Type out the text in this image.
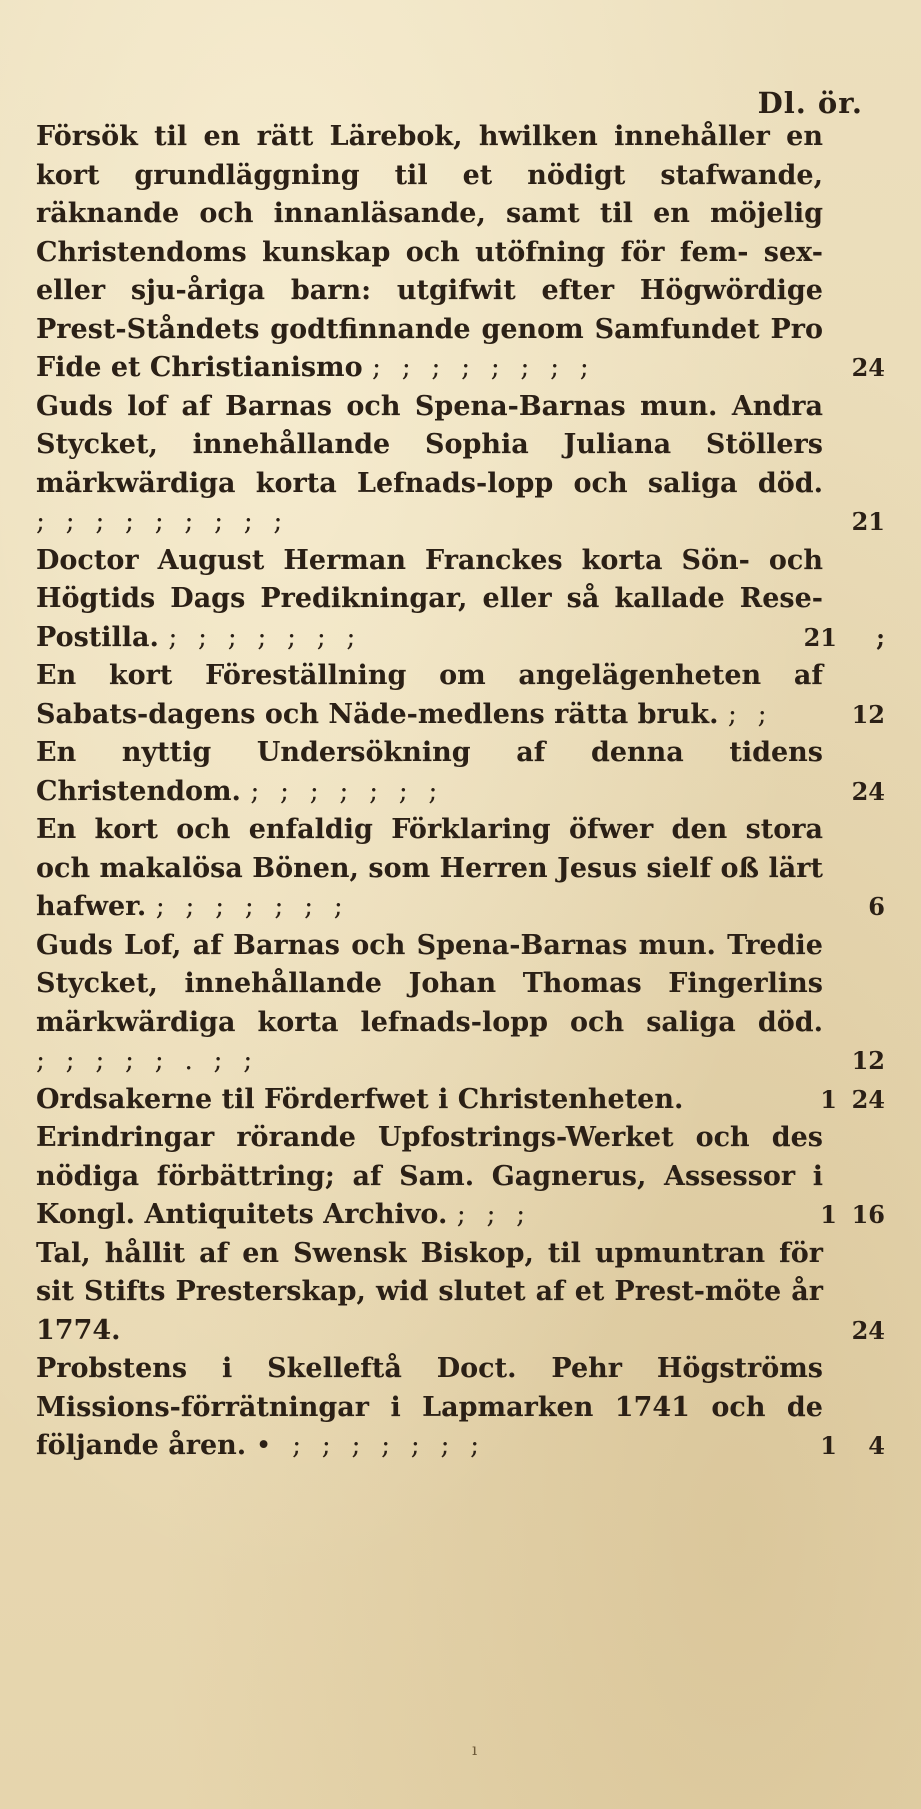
Dl. ör.
Försök til en rätt Lärebok, hwilken innehåller en kort grundläggning til et nödigt stafwande, räknande och innanläsande, samt til en möjelig Christendoms kunskap och utöfning för fem- sex- eller sju-åriga barn: utgifwit efter Högwördige Prest-Ståndets godtfinnande genom Samfundet Pro Fide et Christianismo ; ; ; ; ; ; ; ;	24
Guds lof af Barnas och Spena-Barnas mun. Andra Stycket, innehållande Sophia Juliana Stöllers märkwärdiga korta Lefnads-lopp och saliga död. ; ; ; ; ; ; ; ; ;	21
Doctor August Herman Franckes korta Sön- och Högtids Dags Predikningar, eller så kallade Rese-Postilla. ; ; ; ; ; ; ;	21	;
En kort Föreställning om angelägenheten af Sabats-dagens och Näde-medlens rätta bruk. ; ;	12
En nyttig Undersökning af denna tidens Christendom. ; ; ; ; ; ; ;	24
En kort och enfaldig Förklaring öfwer den stora och makalösa Bönen, som Herren Jesus sielf oß lärt hafwer. ; ; ; ; ; ; ;	6
Guds Lof, af Barnas och Spena-Barnas mun. Tredie Stycket, innehållande Johan Thomas Fingerlins märkwärdiga korta lefnads-lopp och saliga död. ; ; ; ; ; . ; ;	12
Ordsakerne til Förderfwet i Christenheten.	1 24
Erindringar rörande Upfostrings-Werket och des nödiga förbättring; af Sam. Gagnerus, Assessor i Kongl. Antiquitets Archivo. ; ; ;	1 16
Tal, hållit af en Swensk Biskop, til upmuntran för sit Stifts Presterskap, wid slutet af et Prest-möte år 1774.	24
Probstens i Skelleftå Doct. Pehr Högströms Missions-förrätningar i Lapmarken 1741 och de följande åren. • ; ; ; ; ; ; ;	1	4
ı
